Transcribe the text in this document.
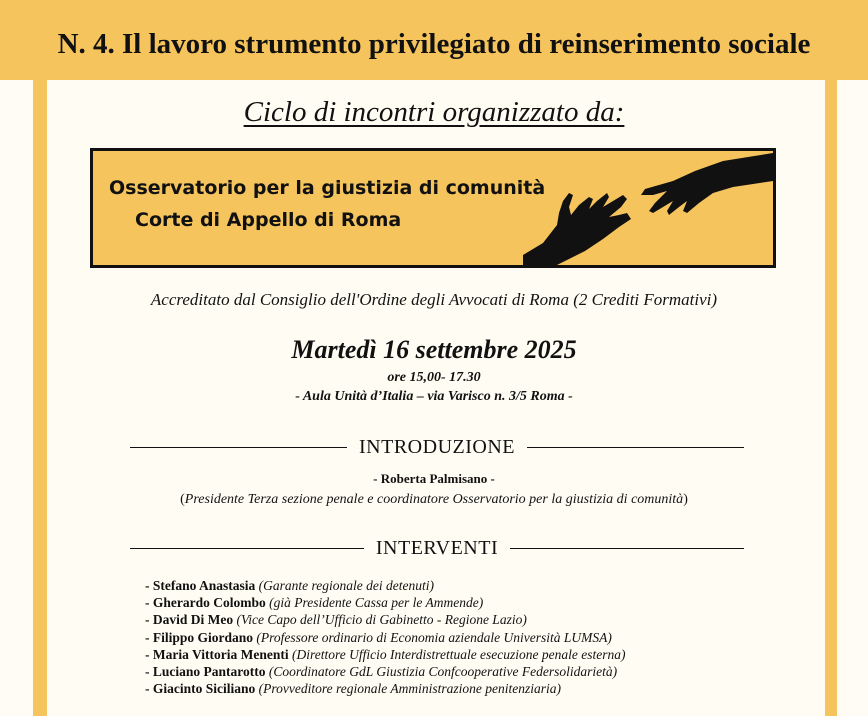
N. 4. Il lavoro strumento privilegiato di reinserimento sociale
Ciclo di incontri organizzato da:
Osservatorio per la giustizia di comunità
Corte di Appello di Roma
Accreditato dal Consiglio dell'Ordine degli Avvocati di Roma (2 Crediti Formativi)
Martedì 16 settembre 2025
ore 15,00- 17.30
- Aula Unità d’Italia – via Varisco n. 3/5 Roma -
INTRODUZIONE
- Roberta Palmisano -
(Presidente Terza sezione penale e coordinatore Osservatorio per la giustizia di comunità)
INTERVENTI
- Stefano Anastasia (Garante regionale dei detenuti)
- Gherardo Colombo (già Presidente Cassa per le Ammende)
- David Di Meo (Vice Capo dell’Ufficio di Gabinetto - Regione Lazio)
- Filippo Giordano (Professore ordinario di Economia aziendale Università LUMSA)
- Maria Vittoria Menenti (Direttore Ufficio Interdistrettuale esecuzione penale esterna)
- Luciano Pantarotto (Coordinatore GdL Giustizia Confcooperative Federsolidarietà)
- Giacinto Siciliano (Provveditore regionale Amministrazione penitenziaria)
